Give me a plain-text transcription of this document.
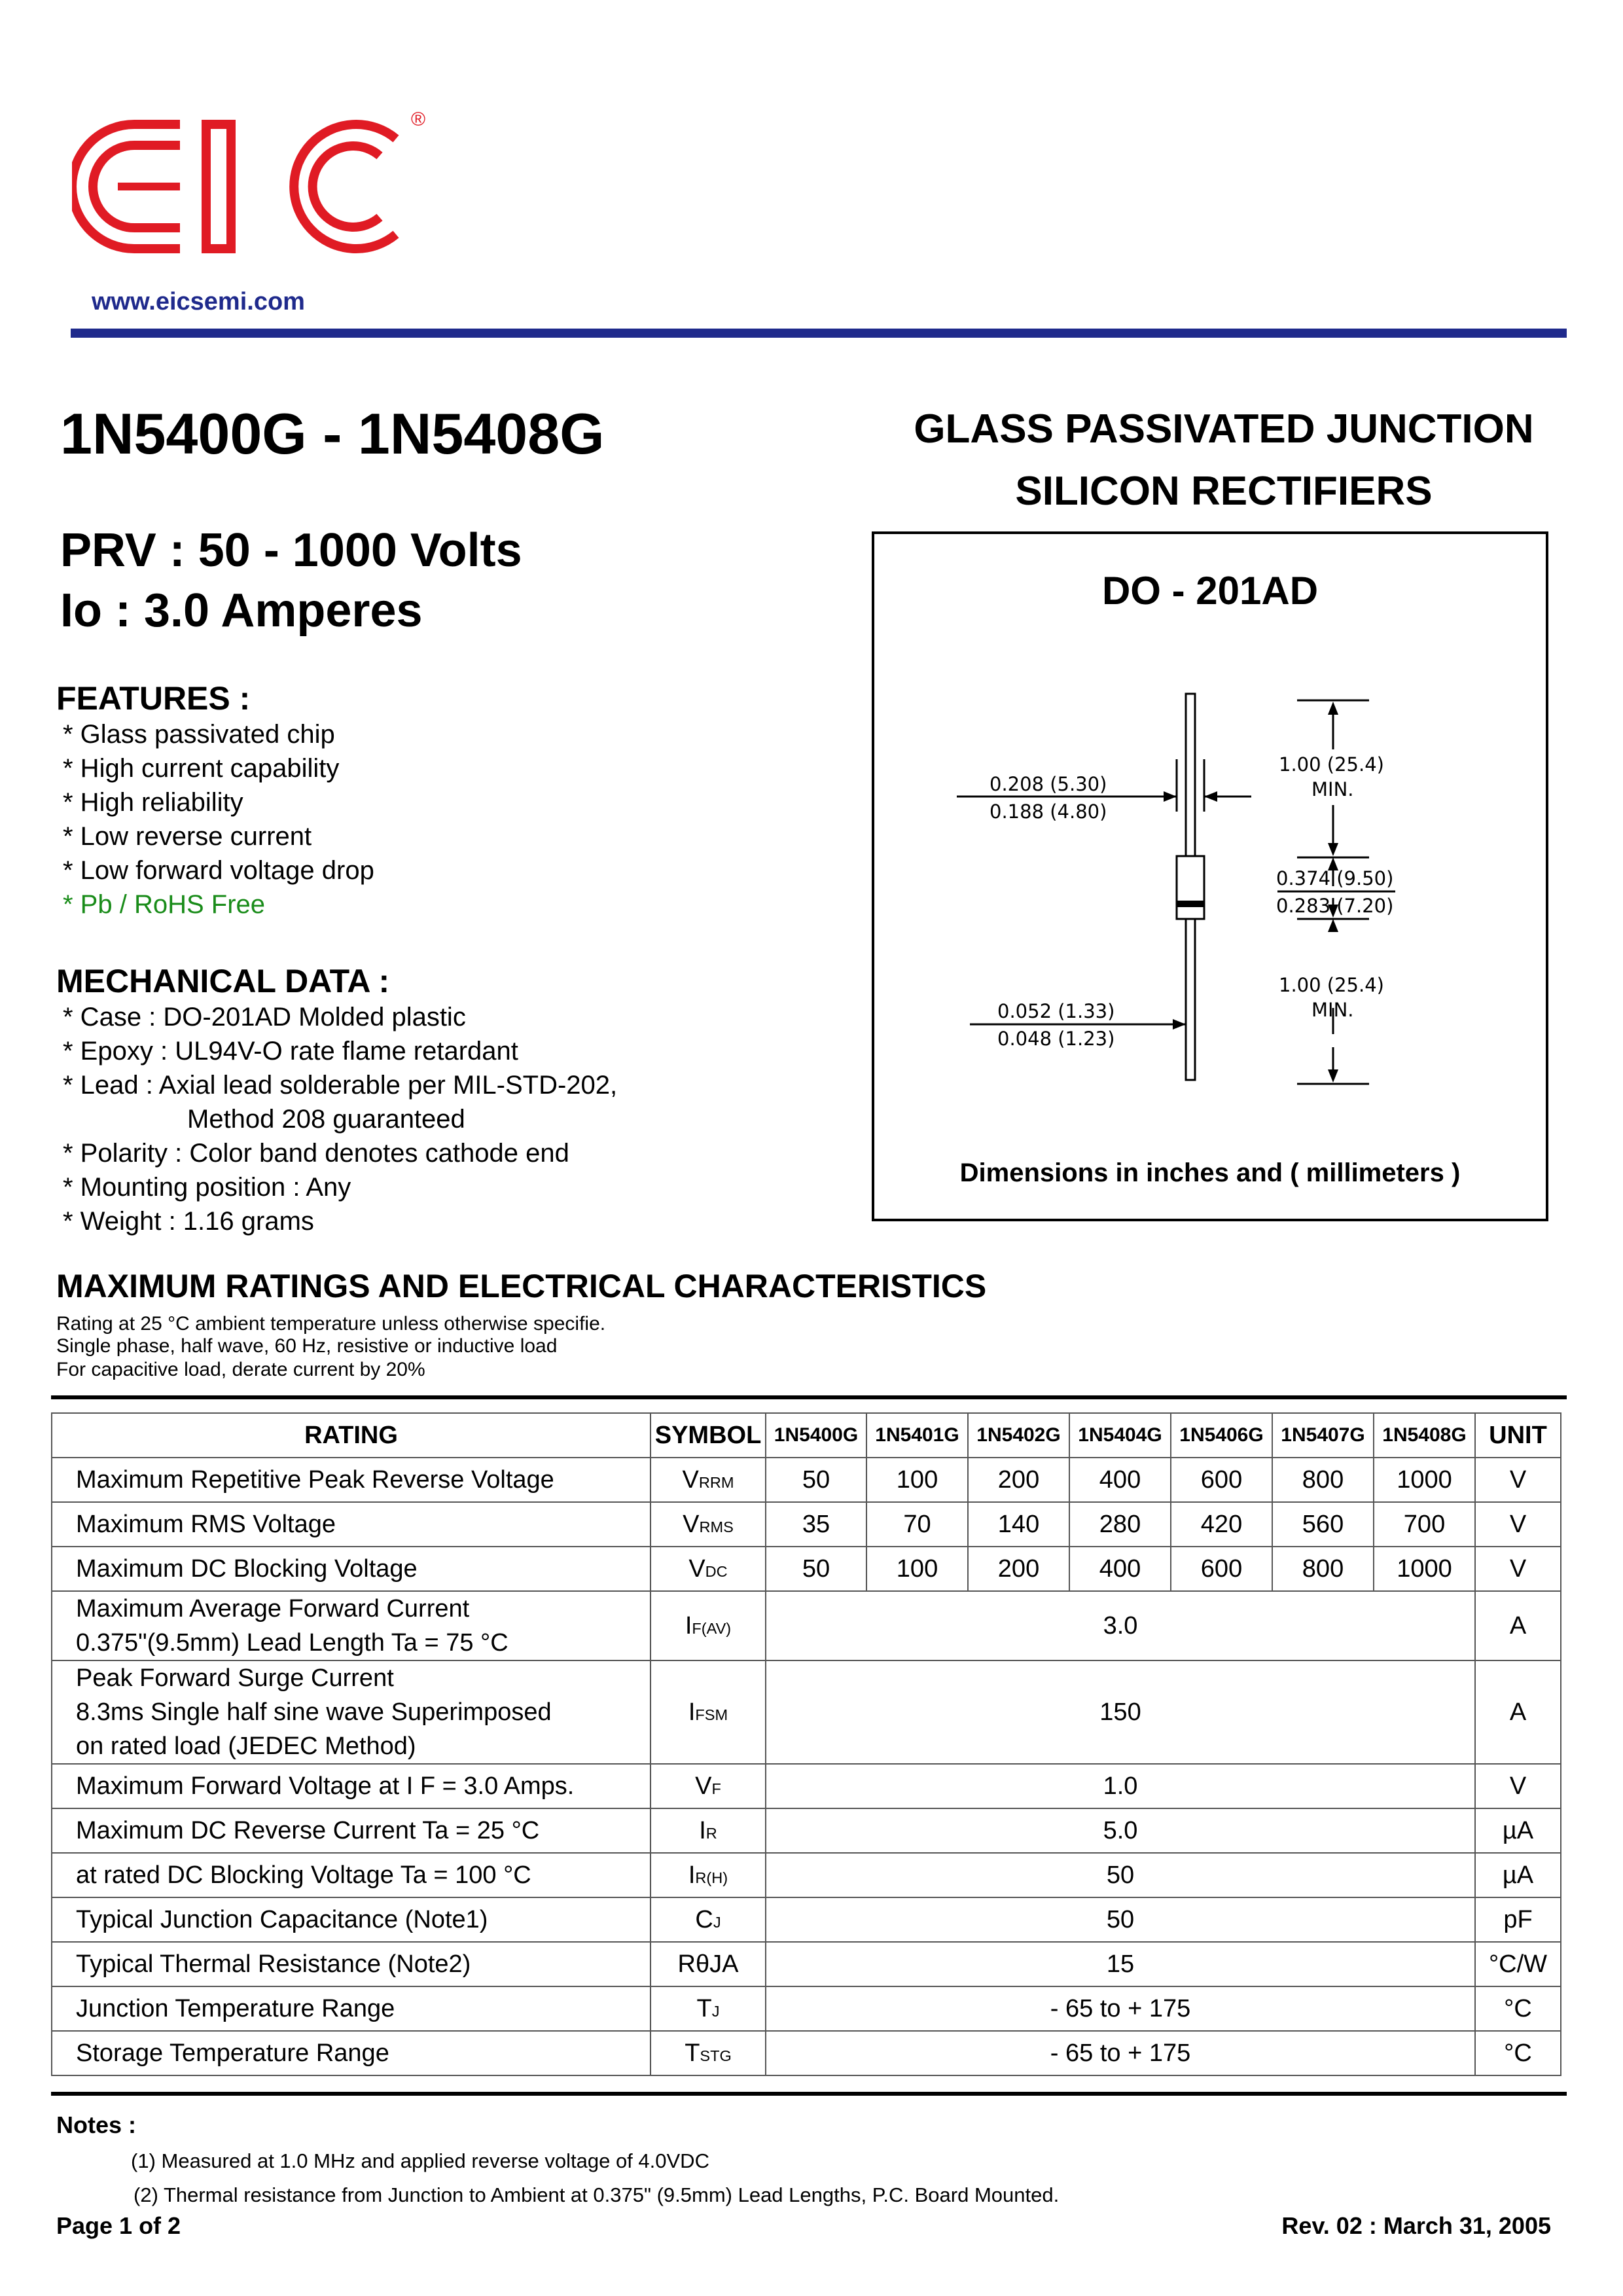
®
EIC
www.eicsemi.com
1N5400G - 1N5408G	GLASS PASSIVATED JUNCTION
SILICON RECTIFIERS
PRV : 50 - 1000 Volts
Io : 3.0 Amperes
FEATURES :
* Glass passivated chip
* High current capability
* High reliability
* Low reverse current
* Low forward voltage drop
* Pb / RoHS Free
MECHANICAL DATA :
* Case : DO-201AD Molded plastic
* Epoxy : UL94V-O rate flame retardant
* Lead : Axial lead solderable per MIL-STD-202,
Method 208 guaranteed
* Polarity : Color band denotes cathode end
* Mounting position : Any
* Weight : 1.16 grams
DO - 201AD
0.208 (5.30)
0.188 (4.80)
1.00 (25.4)
MIN.
0.374 (9.50)
0.283 (7.20)
1.00 (25.4)
MIN.
0.052 (1.33)
0.048 (1.23)
Dimensions in inches and ( millimeters )
MAXIMUM RATINGS AND ELECTRICAL CHARACTERISTICS
Rating at 25 °C ambient temperature unless otherwise specifie.
Single phase, half wave, 60 Hz, resistive or inductive load
For capacitive load, derate current by 20%
RATING	SYMBOL	1N5400G	1N5401G	1N5402G	1N5404G	1N5406G	1N5407G	1N5408G	UNIT

Maximum Repetitive Peak Reverse Voltage	VRRM	50	100	200	400	600	800	1000	V

Maximum RMS Voltage	VRMS	35	70	140	280	420	560	700	V

Maximum DC Blocking Voltage	VDC	50	100	200	400	600	800	1000	V

Maximum Average Forward Current
0.375"(9.5mm) Lead Length Ta = 75 °C	IF(AV)	3.0							A

Peak Forward Surge Current
8.3ms Single half sine wave Superimposed
on rated load (JEDEC Method)	IFSM	150							A

Maximum Forward Voltage at I F = 3.0 Amps.	VF	1.0							V

Maximum DC Reverse Current Ta = 25 °C	IR	5.0							µA

at rated DC Blocking Voltage Ta = 100 °C	IR(H)	50							µA

Typical Junction Capacitance (Note1)	CJ	50							pF

Typical Thermal Resistance (Note2)	RθJA	15							°C/W

Junction Temperature Range	TJ	- 65 to + 175							°C

Storage Temperature Range	TSTG	- 65 to + 175							°C
Notes :
(1) Measured at 1.0 MHz and applied reverse voltage of 4.0VDC
(2) Thermal resistance from Junction to Ambient at 0.375" (9.5mm) Lead Lengths, P.C. Board Mounted.
Page 1 of 2	Rev. 02 : March 31, 2005
